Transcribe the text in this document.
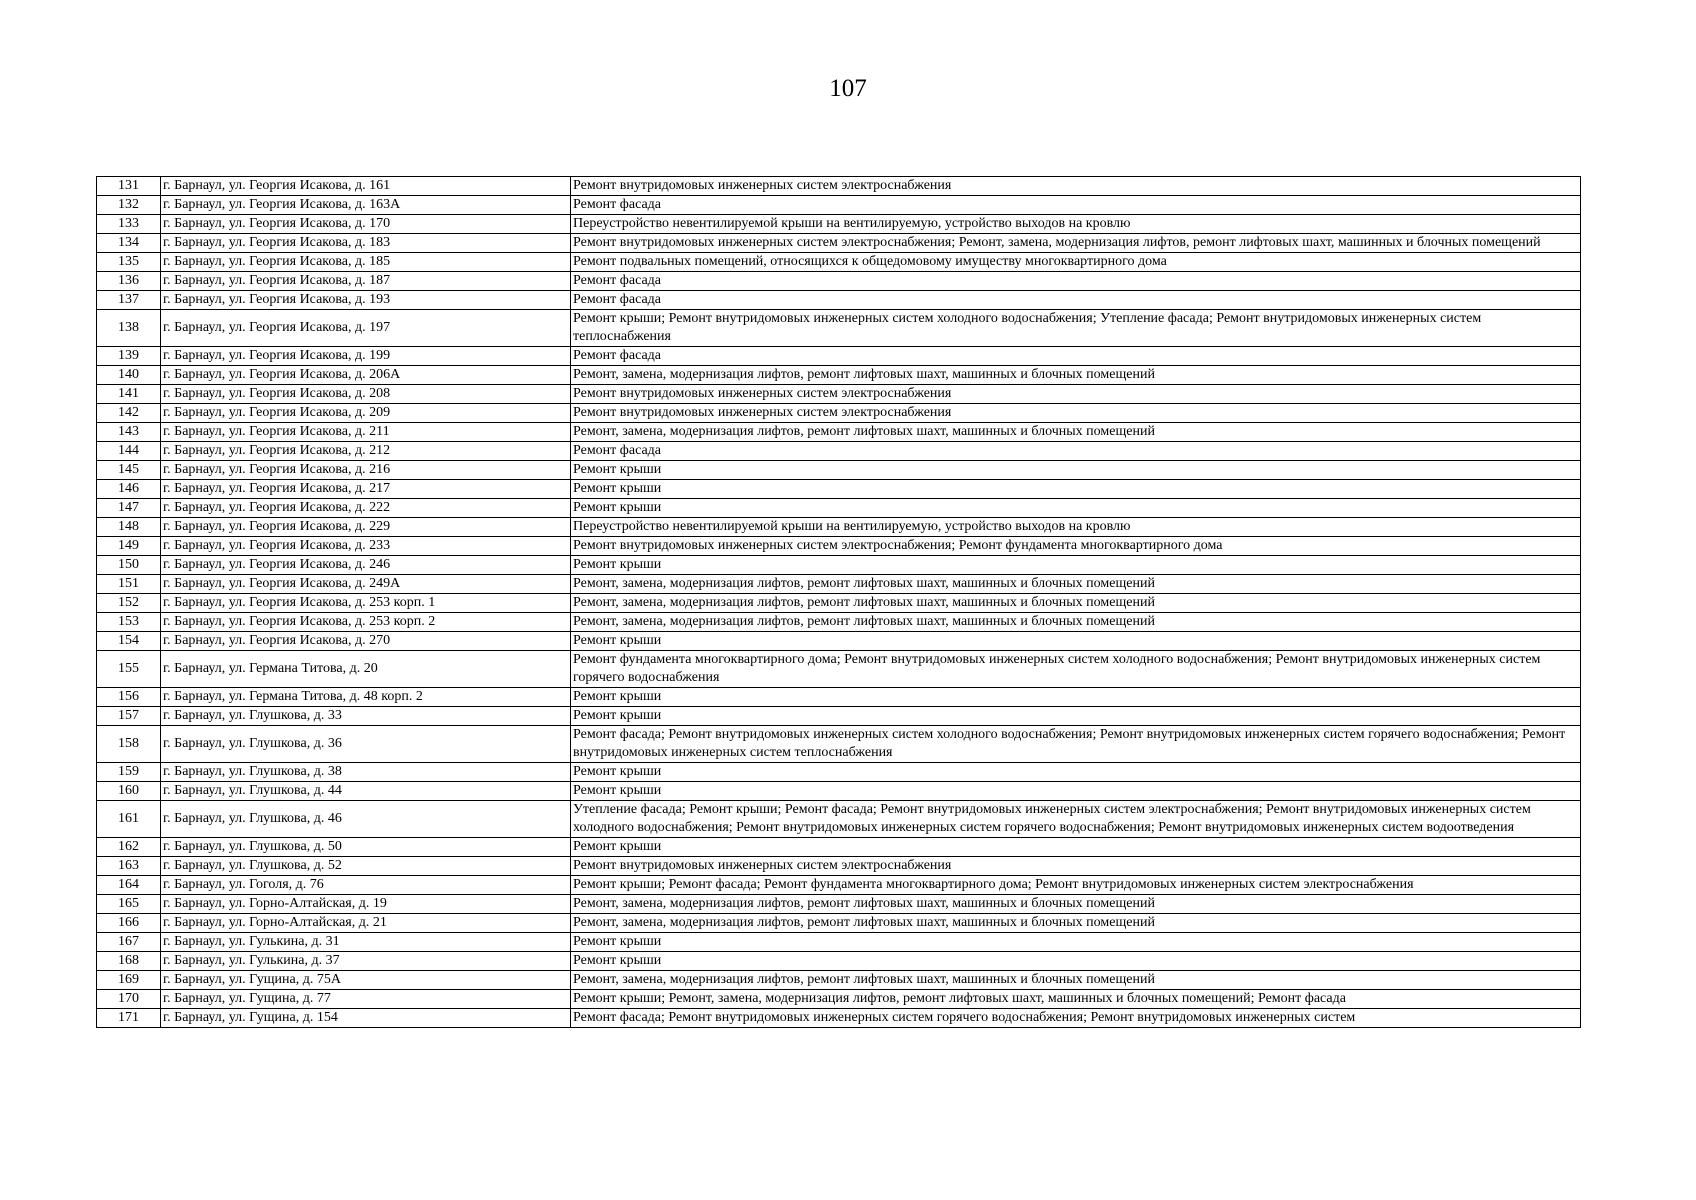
107
131	г. Барнаул, ул. Георгия Исакова, д. 161	Ремонт внутридомовых инженерных систем электроснабжения
132	г. Барнаул, ул. Георгия Исакова, д. 163А	Ремонт фасада
133	г. Барнаул, ул. Георгия Исакова, д. 170	Переустройство невентилируемой крыши на вентилируемую, устройство выходов на кровлю
134	г. Барнаул, ул. Георгия Исакова, д. 183	Ремонт внутридомовых инженерных систем электроснабжения; Ремонт, замена, модернизация лифтов, ремонт лифтовых шахт, машинных и блочных помещений
135	г. Барнаул, ул. Георгия Исакова, д. 185	Ремонт подвальных помещений, относящихся к общедомовому имуществу многоквартирного дома
136	г. Барнаул, ул. Георгия Исакова, д. 187	Ремонт фасада
137	г. Барнаул, ул. Георгия Исакова, д. 193	Ремонт фасада
138	г. Барнаул, ул. Георгия Исакова, д. 197	Ремонт крыши; Ремонт внутридомовых инженерных систем холодного водоснабжения; Утепление фасада; Ремонт внутридомовых инженерных систем теплоснабжения
139	г. Барнаул, ул. Георгия Исакова, д. 199	Ремонт фасада
140	г. Барнаул, ул. Георгия Исакова, д. 206А	Ремонт, замена, модернизация лифтов, ремонт лифтовых шахт, машинных и блочных помещений
141	г. Барнаул, ул. Георгия Исакова, д. 208	Ремонт внутридомовых инженерных систем электроснабжения
142	г. Барнаул, ул. Георгия Исакова, д. 209	Ремонт внутридомовых инженерных систем электроснабжения
143	г. Барнаул, ул. Георгия Исакова, д. 211	Ремонт, замена, модернизация лифтов, ремонт лифтовых шахт, машинных и блочных помещений
144	г. Барнаул, ул. Георгия Исакова, д. 212	Ремонт фасада
145	г. Барнаул, ул. Георгия Исакова, д. 216	Ремонт крыши
146	г. Барнаул, ул. Георгия Исакова, д. 217	Ремонт крыши
147	г. Барнаул, ул. Георгия Исакова, д. 222	Ремонт крыши
148	г. Барнаул, ул. Георгия Исакова, д. 229	Переустройство невентилируемой крыши на вентилируемую, устройство выходов на кровлю
149	г. Барнаул, ул. Георгия Исакова, д. 233	Ремонт внутридомовых инженерных систем электроснабжения; Ремонт фундамента многоквартирного дома
150	г. Барнаул, ул. Георгия Исакова, д. 246	Ремонт крыши
151	г. Барнаул, ул. Георгия Исакова, д. 249А	Ремонт, замена, модернизация лифтов, ремонт лифтовых шахт, машинных и блочных помещений
152	г. Барнаул, ул. Георгия Исакова, д. 253 корп. 1	Ремонт, замена, модернизация лифтов, ремонт лифтовых шахт, машинных и блочных помещений
153	г. Барнаул, ул. Георгия Исакова, д. 253 корп. 2	Ремонт, замена, модернизация лифтов, ремонт лифтовых шахт, машинных и блочных помещений
154	г. Барнаул, ул. Георгия Исакова, д. 270	Ремонт крыши
155	г. Барнаул, ул. Германа Титова, д. 20	Ремонт фундамента многоквартирного дома; Ремонт внутридомовых инженерных систем холодного водоснабжения; Ремонт внутридомовых инженерных систем горячего водоснабжения
156	г. Барнаул, ул. Германа Титова, д. 48 корп. 2	Ремонт крыши
157	г. Барнаул, ул. Глушкова, д. 33	Ремонт крыши
158	г. Барнаул, ул. Глушкова, д. 36	Ремонт фасада; Ремонт внутридомовых инженерных систем холодного водоснабжения; Ремонт внутридомовых инженерных систем горячего водоснабжения; Ремонт внутридомовых инженерных систем теплоснабжения
159	г. Барнаул, ул. Глушкова, д. 38	Ремонт крыши
160	г. Барнаул, ул. Глушкова, д. 44	Ремонт крыши
161	г. Барнаул, ул. Глушкова, д. 46	Утепление фасада; Ремонт крыши; Ремонт фасада; Ремонт внутридомовых инженерных систем электроснабжения; Ремонт внутридомовых инженерных систем холодного водоснабжения; Ремонт внутридомовых инженерных систем горячего водоснабжения; Ремонт внутридомовых инженерных систем водоотведения
162	г. Барнаул, ул. Глушкова, д. 50	Ремонт крыши
163	г. Барнаул, ул. Глушкова, д. 52	Ремонт внутридомовых инженерных систем электроснабжения
164	г. Барнаул, ул. Гоголя, д. 76	Ремонт крыши; Ремонт фасада; Ремонт фундамента многоквартирного дома; Ремонт внутридомовых инженерных систем электроснабжения
165	г. Барнаул, ул. Горно-Алтайская, д. 19	Ремонт, замена, модернизация лифтов, ремонт лифтовых шахт, машинных и блочных помещений
166	г. Барнаул, ул. Горно-Алтайская, д. 21	Ремонт, замена, модернизация лифтов, ремонт лифтовых шахт, машинных и блочных помещений
167	г. Барнаул, ул. Гулькина, д. 31	Ремонт крыши
168	г. Барнаул, ул. Гулькина, д. 37	Ремонт крыши
169	г. Барнаул, ул. Гущина, д. 75А	Ремонт, замена, модернизация лифтов, ремонт лифтовых шахт, машинных и блочных помещений
170	г. Барнаул, ул. Гущина, д. 77	Ремонт крыши; Ремонт, замена, модернизация лифтов, ремонт лифтовых шахт, машинных и блочных помещений; Ремонт фасада
171	г. Барнаул, ул. Гущина, д. 154	Ремонт фасада; Ремонт внутридомовых инженерных систем горячего водоснабжения; Ремонт внутридомовых инженерных систем
